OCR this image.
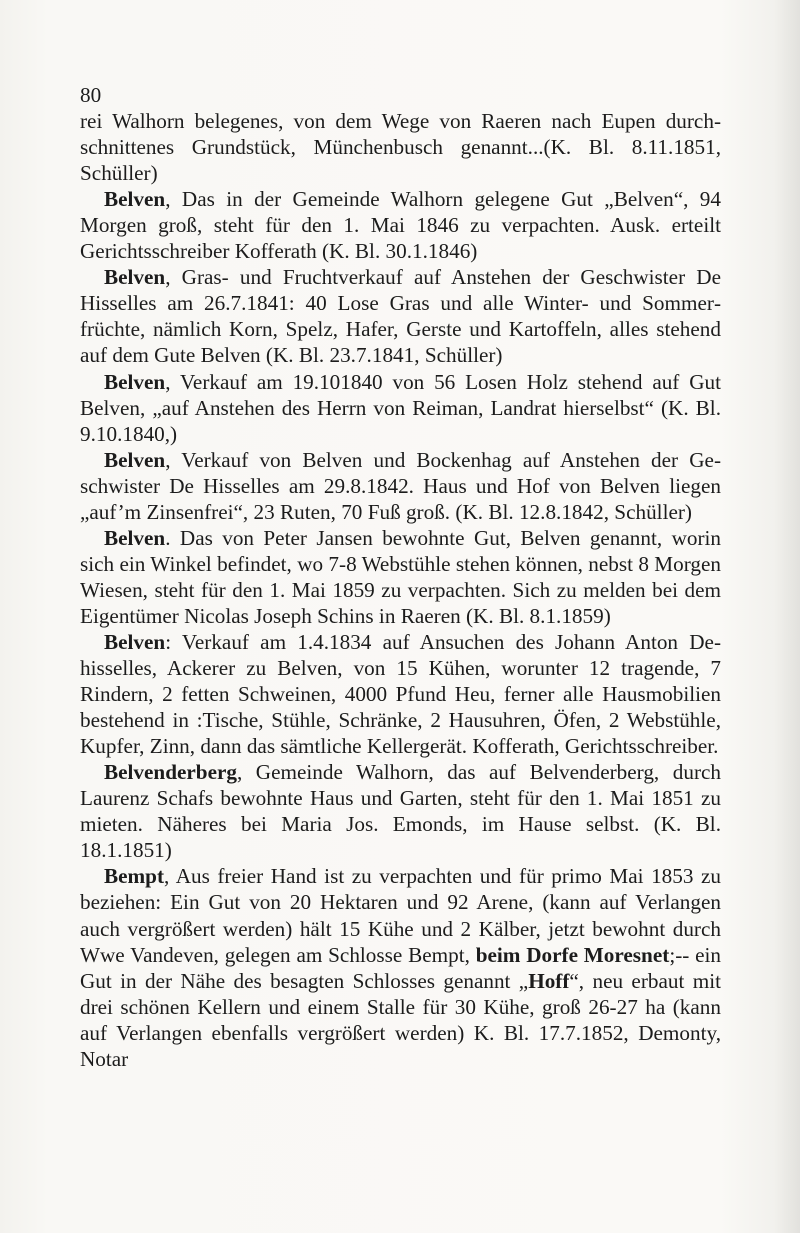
80

rei Walhorn belegenes, von dem Wege von Raeren nach Eupen durchschnittenes Grundstück, Münchenbusch genannt...(K. Bl. 8.11.1851, Schüller)

Belven, Das in der Gemeinde Walhorn gelegene Gut „Belven“, 94 Morgen groß, steht für den 1. Mai 1846 zu verpachten. Ausk. erteilt Gerichtsschreiber Kofferath (K. Bl. 30.1.1846)

Belven, Gras- und Fruchtverkauf auf Anstehen der Geschwister De Hisselles am 26.7.1841: 40 Lose Gras und alle Winter- und Sommerfrüchte, nämlich Korn, Spelz, Hafer, Gerste und Kartoffeln, alles stehend auf dem Gute Belven (K. Bl. 23.7.1841, Schüller)

Belven, Verkauf am 19.101840 von 56 Losen Holz stehend auf Gut Belven, „auf Anstehen des Herrn von Reiman, Landrat hierselbst“ (K. Bl. 9.10.1840,)

Belven, Verkauf von Belven und Bockenhag auf Anstehen der Geschwister De Hisselles am 29.8.1842. Haus und Hof von Belven liegen „auf’m Zinsenfrei“, 23 Ruten, 70 Fuß groß. (K. Bl. 12.8.1842, Schüller)

Belven. Das von Peter Jansen bewohnte Gut, Belven genannt, worin sich ein Winkel befindet, wo 7-8 Webstühle stehen können, nebst 8 Morgen Wiesen, steht für den 1. Mai 1859 zu verpachten. Sich zu melden bei dem Eigentümer Nicolas Joseph Schins in Raeren (K. Bl. 8.1.1859)

Belven: Verkauf am 1.4.1834 auf Ansuchen des Johann Anton Dehisselles, Ackerer zu Belven, von 15 Kühen, worunter 12 tragende, 7 Rindern, 2 fetten Schweinen, 4000 Pfund Heu, ferner alle Hausmobilien bestehend in :Tische, Stühle, Schränke, 2 Hausuhren, Öfen, 2 Webstühle, Kupfer, Zinn, dann das sämtliche Kellergerät. Kofferath, Gerichtsschreiber.

Belvenderberg, Gemeinde Walhorn, das auf Belvenderberg, durch Laurenz Schafs bewohnte Haus und Garten, steht für den 1. Mai 1851 zu mieten. Näheres bei Maria Jos. Emonds, im Hause selbst. (K. Bl. 18.1.1851)

Bempt, Aus freier Hand ist zu verpachten und für primo Mai 1853 zu beziehen: Ein Gut von 20 Hektaren und 92 Arene, (kann auf Verlangen auch vergrößert werden) hält 15 Kühe und 2 Kälber, jetzt bewohnt durch Wwe Vandeven, gelegen am Schlosse Bempt, beim Dorfe Moresnet;-- ein Gut in der Nähe des besagten Schlosses genannt „Hoff“, neu erbaut mit drei schönen Kellern und einem Stalle für 30 Kühe, groß 26-27 ha (kann auf Verlangen ebenfalls vergrößert werden) K. Bl. 17.7.1852, Demonty, Notar
